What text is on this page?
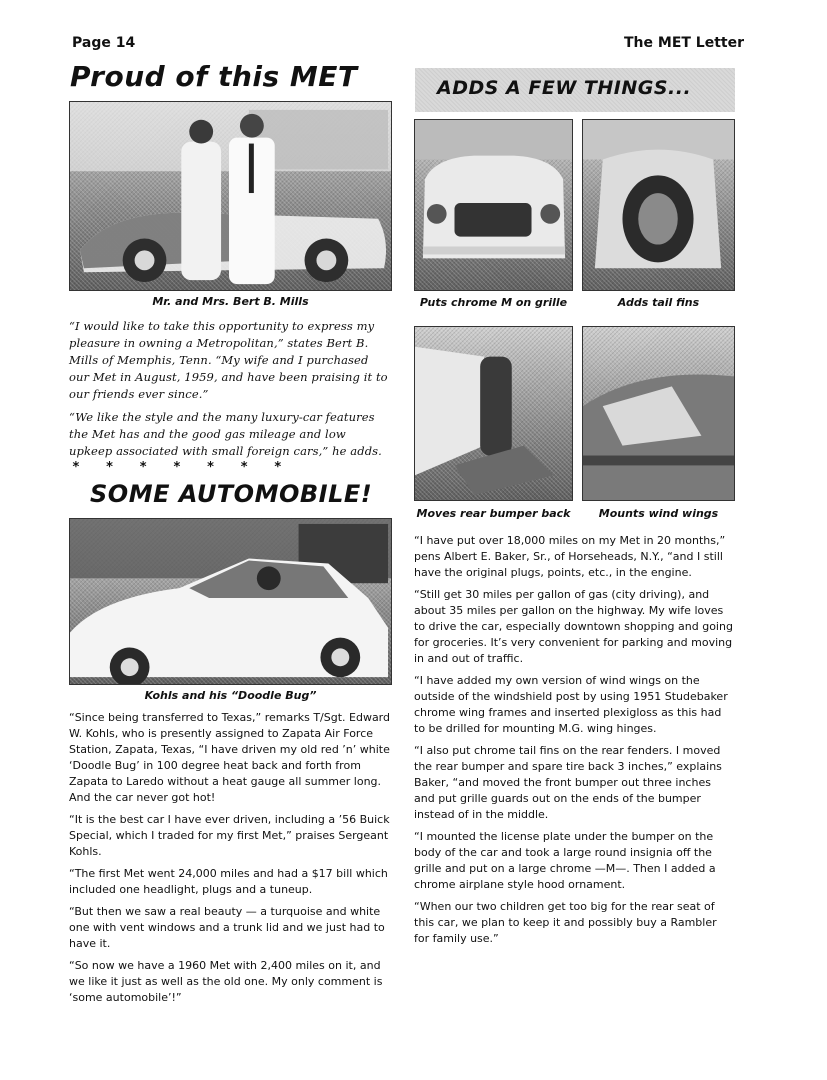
Page 14	The MET Letter
Proud of this MET
Mr. and Mrs. Bert B. Mills

“I would like to take this opportunity to express my pleasure in owning a Metropolitan,” states Bert B. Mills of Memphis, Tenn. “My wife and I purchased our Met in August, 1959, and have been praising it to our friends ever since.”

“We like the style and the many luxury-car features the Met has and the good gas mileage and low upkeep associated with small foreign cars,” he adds.

* * * * * * *
SOME AUTOMOBILE!
Kohls and his “Doodle Bug”

“Since being transferred to Texas,” remarks T/Sgt. Edward W. Kohls, who is presently assigned to Zapata Air Force Station, Zapata, Texas, “I have driven my old red ’n’ white ‘Doodle Bug’ in 100 degree heat back and forth from Zapata to Laredo without a heat gauge all summer long. And the car never got hot!

“It is the best car I have ever driven, including a ’56 Buick Special, which I traded for my first Met,” praises Sergeant Kohls.

“The first Met went 24,000 miles and had a $17 bill which included one headlight, plugs and a tuneup.

“But then we saw a real beauty — a turquoise and white one with vent windows and a trunk lid and we just had to have it.

“So now we have a 1960 Met with 2,400 miles on it, and we like it just as well as the old one. My only comment is ‘some automobile’!”

ADDS A FEW THINGS...
Puts chrome M on grille	Adds tail fins
Moves rear bumper back	Mounts wind wings

“I have put over 18,000 miles on my Met in 20 months,” pens Albert E. Baker, Sr., of Horseheads, N.Y., “and I still have the original plugs, points, etc., in the engine.

“Still get 30 miles per gallon of gas (city driving), and about 35 miles per gallon on the highway. My wife loves to drive the car, especially downtown shopping and going for groceries. It’s very convenient for parking and moving in and out of traffic.

“I have added my own version of wind wings on the outside of the windshield post by using 1951 Studebaker chrome wing frames and inserted plexigloss as this had to be drilled for mounting M.G. wing hinges.

“I also put chrome tail fins on the rear fenders. I moved the rear bumper and spare tire back 3 inches,” explains Baker, “and moved the front bumper out three inches and put grille guards out on the ends of the bumper instead of in the middle.

“I mounted the license plate under the bumper on the body of the car and took a large round insignia off the grille and put on a large chrome —M—. Then I added a chrome airplane style hood ornament.

“When our two children get too big for the rear seat of this car, we plan to keep it and possibly buy a Rambler for family use.”
